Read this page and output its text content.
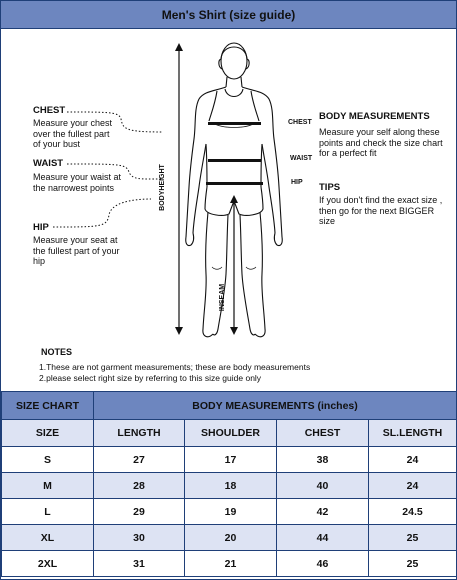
Men's Shirt (size guide)
CHEST
Measure your chest over the fullest part of your bust
WAIST
Measure your waist at the narrowest points
HIP
Measure your seat at the fullest part of your hip
CHEST
WAIST
HIP
BODYHEIGHT
INSEAM
BODY MEASUREMENTS
Measure your self along these points and check the size chart for a perfect fit
TIPS
If you don't find the exact size , then go for the next BIGGER size
NOTES
1.These are not garment measurements; these are body measurements
2.please select right size by referring to this size guide only
SIZE CHART	BODY MEASUREMENTS (inches)			
SIZE	LENGTH	SHOULDER	CHEST	SL.LENGTH
S	27	17	38	24
M	28	18	40	24
L	29	19	42	24.5
XL	30	20	44	25
2XL	31	21	46	25
